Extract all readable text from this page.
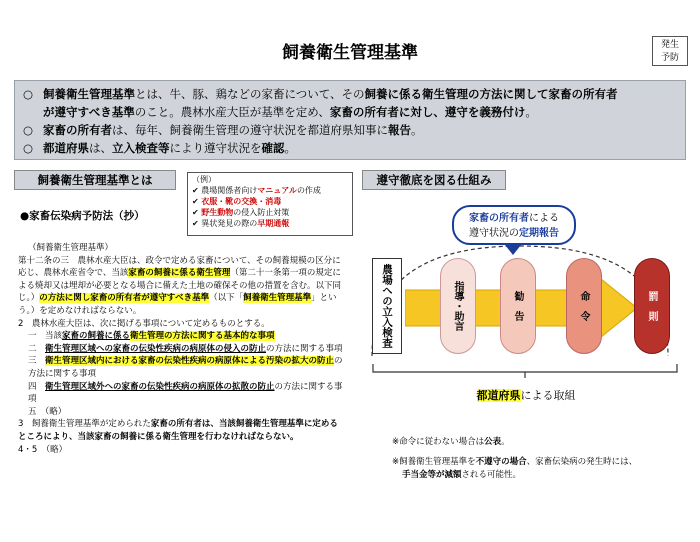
飼養衛生管理基準	発生
予防

○ 飼養衛生管理基準とは、牛、豚、鶏などの家畜について、その飼養に係る衛生管理の方法に関して家畜の所有者

が遵守すべき基準のこと。農林水産大臣が基準を定め、家畜の所有者に対し、遵守を義務付け。

○ 家畜の所有者は、毎年、飼養衛生管理の遵守状況を都道府県知事に報告。

○ 都道府県は、立入検査等により遵守状況を確認。

飼養衛生管理基準とは	（例）
✔ 農場関係者向けマニュアルの作成
✔ 衣服・靴の交換・消毒
✔ 野生動物の侵入防止対策
✔ 異状発見の際の早期通報
●家畜伝染病予防法（抄）

（飼養衛生管理基準）

第十二条の三　農林水産大臣は、政令で定める家畜について、その飼養規模の区分に応じ、農林水産省令で、当該家畜の飼養に係る衛生管理（第二十一条第一項の規定による焼却又は埋却が必要となる場合に備えた土地の確保その他の措置を含む。以下同じ。）の方法に関し家畜の所有者が遵守すべき基準（以下「飼養衛生管理基準」という。）を定めなければならない。

2　農林水産大臣は、次に掲げる事項について定めるものとする。

一　当該家畜の飼養に係る衛生管理の方法に関する基本的な事項

二　衛生管理区域への家畜の伝染性疾病の病原体の侵入の防止の方法に関する事項

三　衛生管理区域内における家畜の伝染性疾病の病原体による汚染の拡大の防止の方法に関する事項

四　衛生管理区域外への家畜の伝染性疾病の病原体の拡散の防止の方法に関する事項

五　（略）

3　飼養衛生管理基準が定められた家畜の所有者は、当該飼養衛生管理基準に定めるところにより、当該家畜の飼養に係る衛生管理を行わなければならない。

4・5　（略）

遵守徹底を図る仕組み
家畜の所有者による
遵守状況の定期報告
農場への立入検査	指導・助言	勧　告	命　令	罰　則
都道府県による取組
※命令に従わない場合は公表。
※飼養衛生管理基準を不遵守の場合、家畜伝染病の発生時には、
手当金等が減額される可能性。
